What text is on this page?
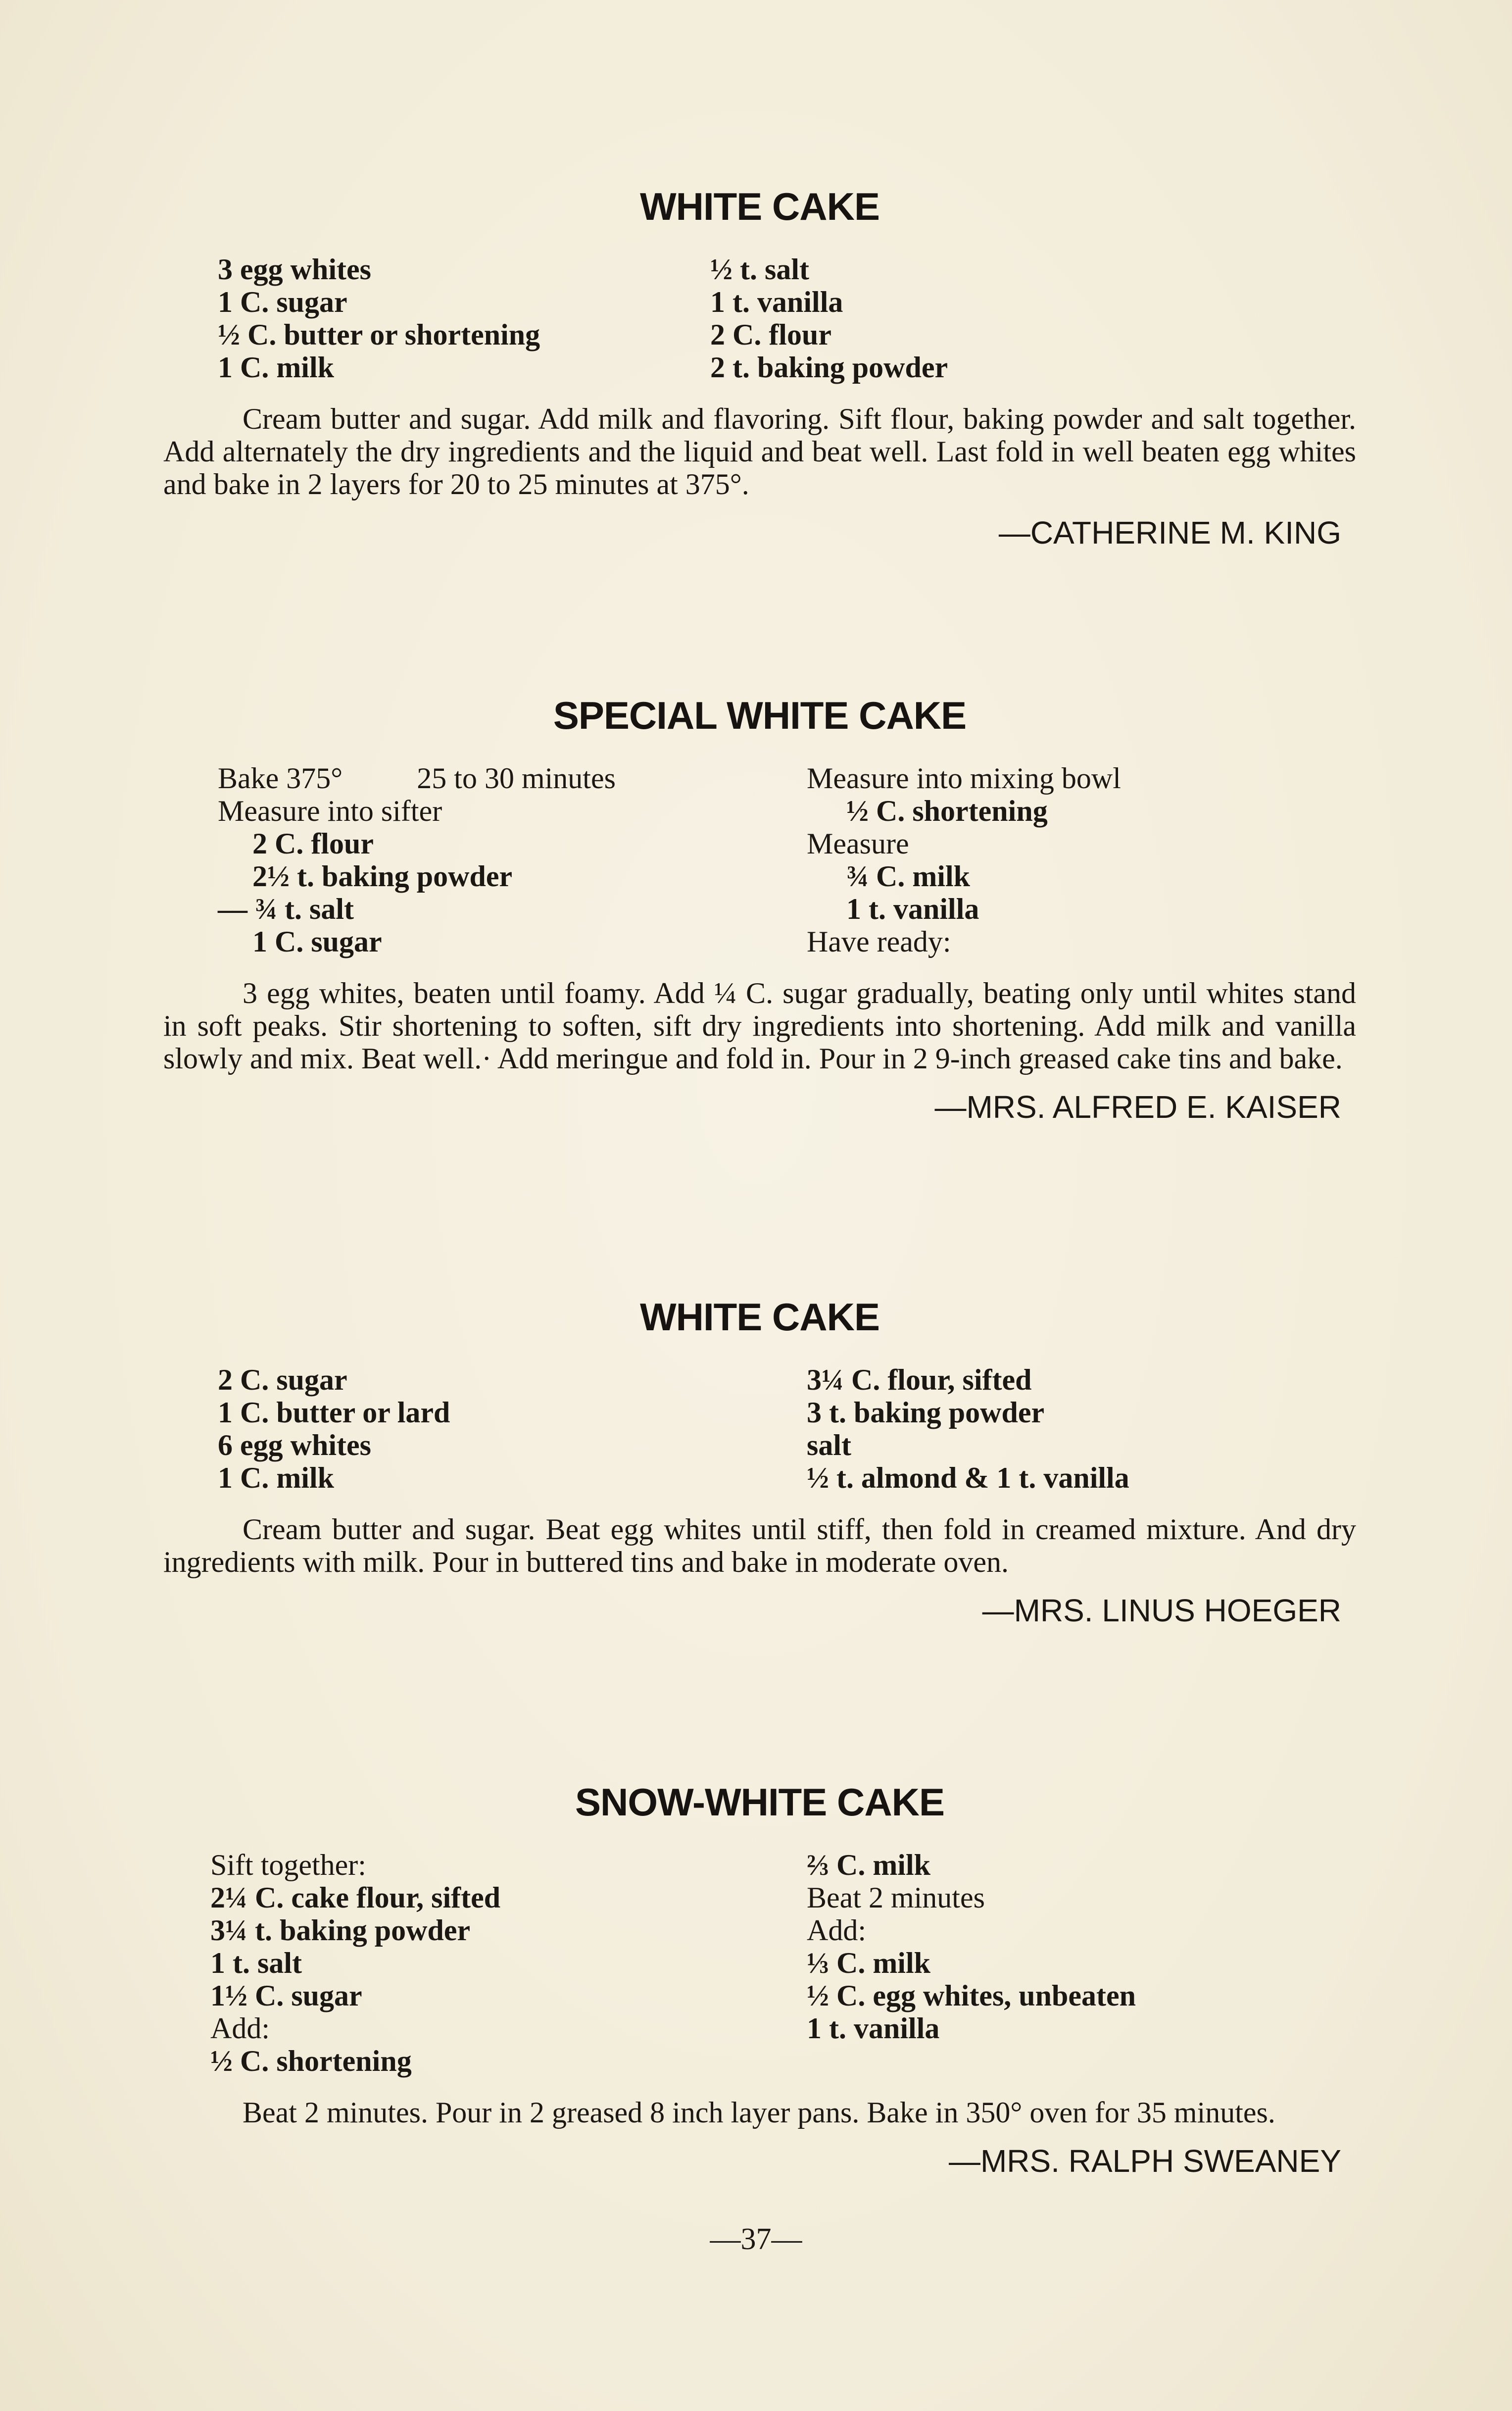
WHITE CAKE
3 egg whites
1 C. sugar
½ C. butter or shortening
1 C. milk
½ t. salt
1 t. vanilla
2 C. flour
2 t. baking powder
Cream butter and sugar. Add milk and flavoring. Sift flour, baking powder and salt together. Add alternately the dry ingredients and the liquid and beat well. Last fold in well beaten egg whites and bake in 2 layers for 20 to 25 minutes at 375°.
—CATHERINE M. KING
SPECIAL WHITE CAKE
Bake 375°          25 to 30 minutes
Measure into sifter
2 C. flour
2½ t. baking powder
–– ¾ t. salt
1 C. sugar
Measure into mixing bowl
½ C. shortening
Measure
¾ C. milk
1 t. vanilla
Have ready:
3 egg whites, beaten until foamy. Add ¼ C. sugar gradually, beating only until whites stand in soft peaks. Stir shortening to soften, sift dry ingredients into shortening. Add milk and vanilla slowly and mix. Beat well.· Add meringue and fold in. Pour in 2 9-inch greased cake tins and bake.
—MRS. ALFRED E. KAISER
WHITE CAKE
2 C. sugar
1 C. butter or lard
6 egg whites
1 C. milk
3¼ C. flour, sifted
3 t. baking powder
salt
½ t. almond & 1 t. vanilla
Cream butter and sugar. Beat egg whites until stiff, then fold in creamed mixture. And dry ingredients with milk. Pour in buttered tins and bake in moderate oven.
—MRS. LINUS HOEGER
SNOW-WHITE CAKE
Sift together:
2¼ C. cake flour, sifted
3¼ t. baking powder
1 t. salt
1½ C. sugar
Add:
½ C. shortening
⅔ C. milk
Beat 2 minutes
Add:
⅓ C. milk
½ C. egg whites, unbeaten
1 t. vanilla
Beat 2 minutes. Pour in 2 greased 8 inch layer pans. Bake in 350° oven for 35 minutes.
—MRS. RALPH SWEANEY
—37—
